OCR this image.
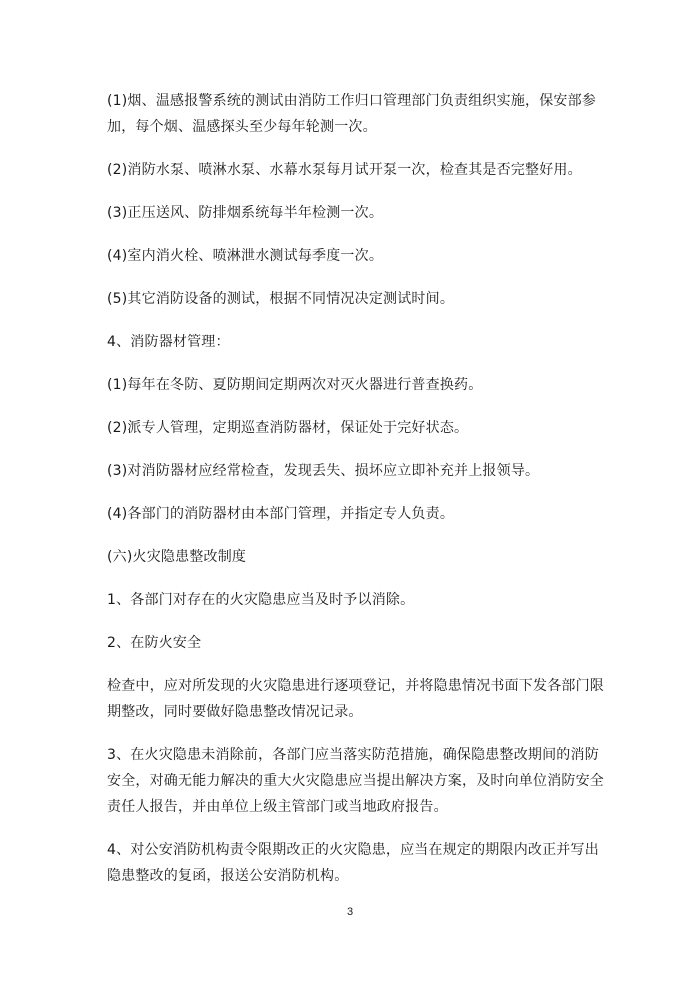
(1)烟、温感报警系统的测试由消防工作归口管理部门负责组织实施，保安部参加，每个烟、温感探头至少每年轮测一次。

(2)消防水泵、喷淋水泵、水幕水泵每月试开泵一次，检查其是否完整好用。

(3)正压送风、防排烟系统每半年检测一次。

(4)室内消火栓、喷淋泄水测试每季度一次。

(5)其它消防设备的测试，根据不同情况决定测试时间。

4、消防器材管理：

(1)每年在冬防、夏防期间定期两次对灭火器进行普查换药。

(2)派专人管理，定期巡查消防器材，保证处于完好状态。

(3)对消防器材应经常检查，发现丢失、损坏应立即补充并上报领导。

(4)各部门的消防器材由本部门管理，并指定专人负责。

(六)火灾隐患整改制度

1、各部门对存在的火灾隐患应当及时予以消除。

2、在防火安全

检查中，应对所发现的火灾隐患进行逐项登记，并将隐患情况书面下发各部门限期整改，同时要做好隐患整改情况记录。

3、在火灾隐患未消除前，各部门应当落实防范措施，确保隐患整改期间的消防安全，对确无能力解决的重大火灾隐患应当提出解决方案，及时向单位消防安全责任人报告，并由单位上级主管部门或当地政府报告。

4、对公安消防机构责令限期改正的火灾隐患，应当在规定的期限内改正并写出隐患整改的复函，报送公安消防机构。

3
